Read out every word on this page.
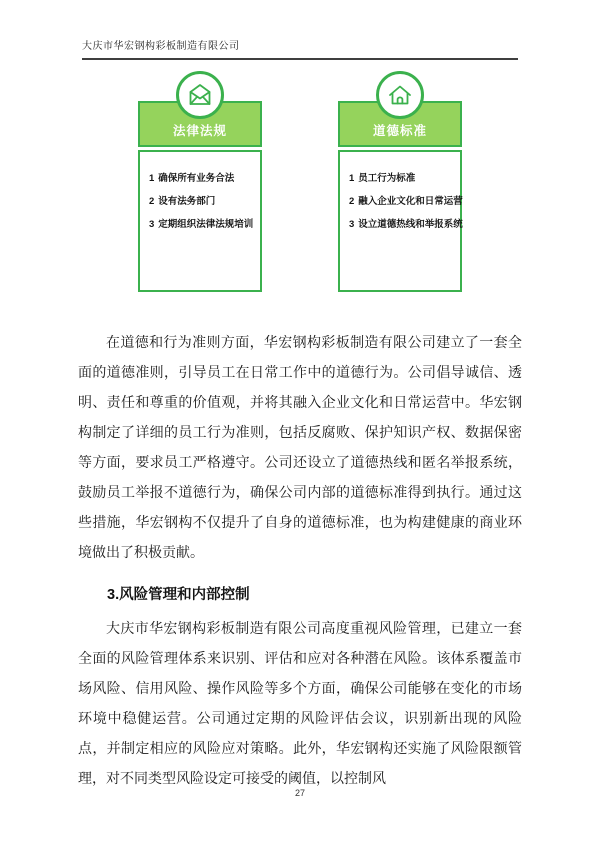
大庆市华宏钢构彩板制造有限公司
法律法规
1 确保所有业务合法
2 设有法务部门
3 定期组织法律法规培训
道德标准
1 员工行为标准
2 融入企业文化和日常运营
3 设立道德热线和举报系统

在道德和行为准则方面，华宏钢构彩板制造有限公司建立了一套全面的道德准则，引导员工在日常工作中的道德行为。公司倡导诚信、透明、责任和尊重的价值观，并将其融入企业文化和日常运营中。华宏钢构制定了详细的员工行为准则，包括反腐败、保护知识产权、数据保密等方面，要求员工严格遵守。公司还设立了道德热线和匿名举报系统，鼓励员工举报不道德行为，确保公司内部的道德标准得到执行。通过这些措施，华宏钢构不仅提升了自身的道德标准，也为构建健康的商业环境做出了积极贡献。

3.风险管理和内部控制

大庆市华宏钢构彩板制造有限公司高度重视风险管理，已建立一套全面的风险管理体系来识别、评估和应对各种潜在风险。该体系覆盖市场风险、信用风险、操作风险等多个方面，确保公司能够在变化的市场环境中稳健运营。公司通过定期的风险评估会议，识别新出现的风险点，并制定相应的风险应对策略。此外，华宏钢构还实施了风险限额管理，对不同类型风险设定可接受的阈值，以控制风

27
